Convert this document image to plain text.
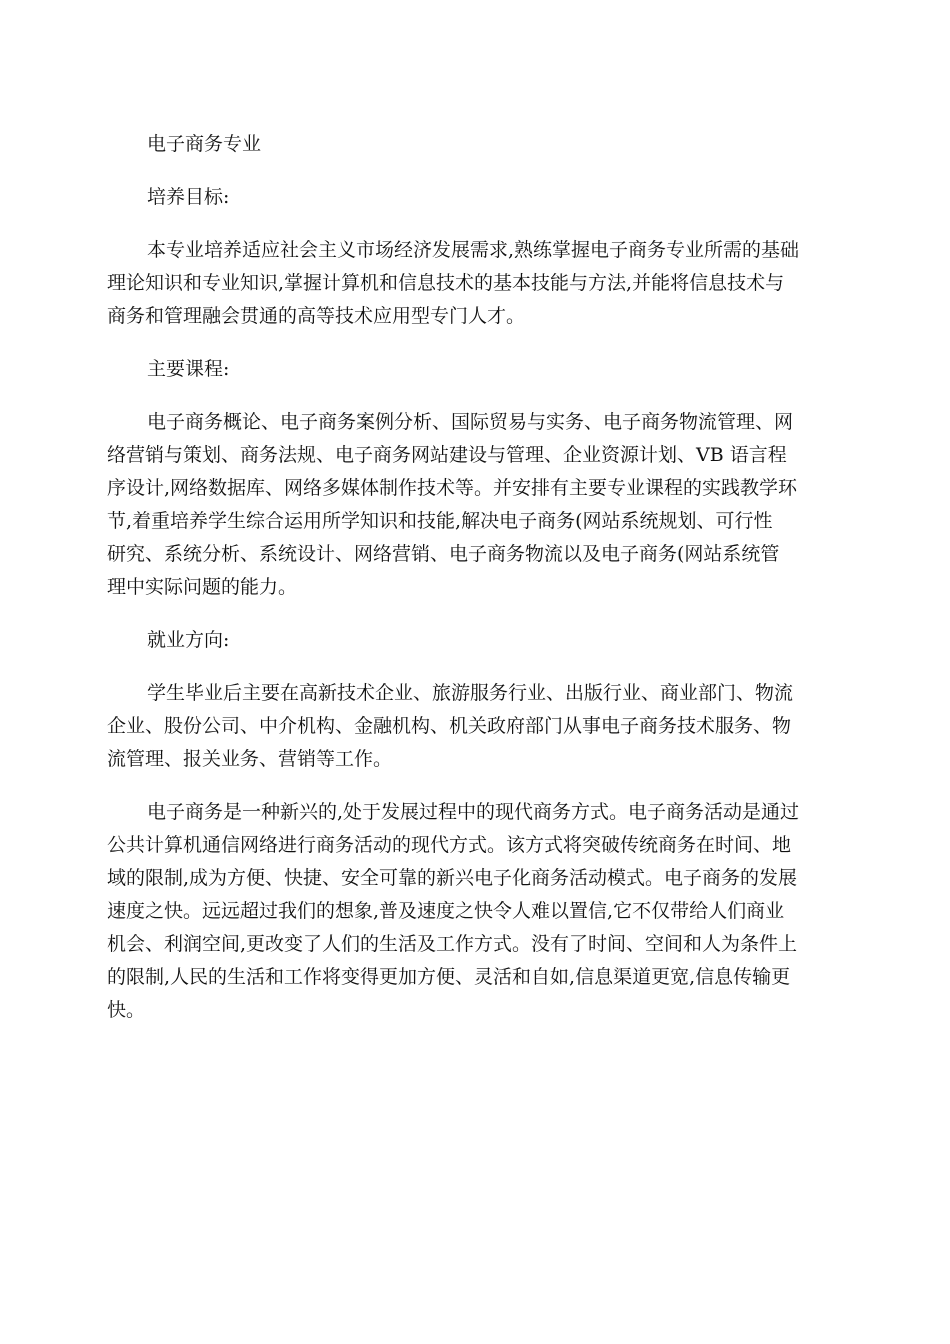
电子商务专业
培养目标:
本专业培养适应社会主义市场经济发展需求,熟练掌握电子商务专业所需的基础
理论知识和专业知识,掌握计算机和信息技术的基本技能与方法,并能将信息技术与
商务和管理融会贯通的高等技术应用型专门人才。
主要课程:
电子商务概论、电子商务案例分析、国际贸易与实务、电子商务物流管理、网
络营销与策划、商务法规、电子商务网站建设与管理、企业资源计划、VB 语言程
序设计,网络数据库、网络多媒体制作技术等。并安排有主要专业课程的实践教学环
节,着重培养学生综合运用所学知识和技能,解决电子商务(网站系统规划、可行性
研究、系统分析、系统设计、网络营销、电子商务物流以及电子商务(网站系统管
理中实际问题的能力。
就业方向:
学生毕业后主要在高新技术企业、旅游服务行业、出版行业、商业部门、物流
企业、股份公司、中介机构、金融机构、机关政府部门从事电子商务技术服务、物
流管理、报关业务、营销等工作。
电子商务是一种新兴的,处于发展过程中的现代商务方式。电子商务活动是通过
公共计算机通信网络进行商务活动的现代方式。该方式将突破传统商务在时间、地
域的限制,成为方便、快捷、安全可靠的新兴电子化商务活动模式。电子商务的发展
速度之快。远远超过我们的想象,普及速度之快令人难以置信,它不仅带给人们商业
机会、利润空间,更改变了人们的生活及工作方式。没有了时间、空间和人为条件上
的限制,人民的生活和工作将变得更加方便、灵活和自如,信息渠道更宽,信息传输更
快。
